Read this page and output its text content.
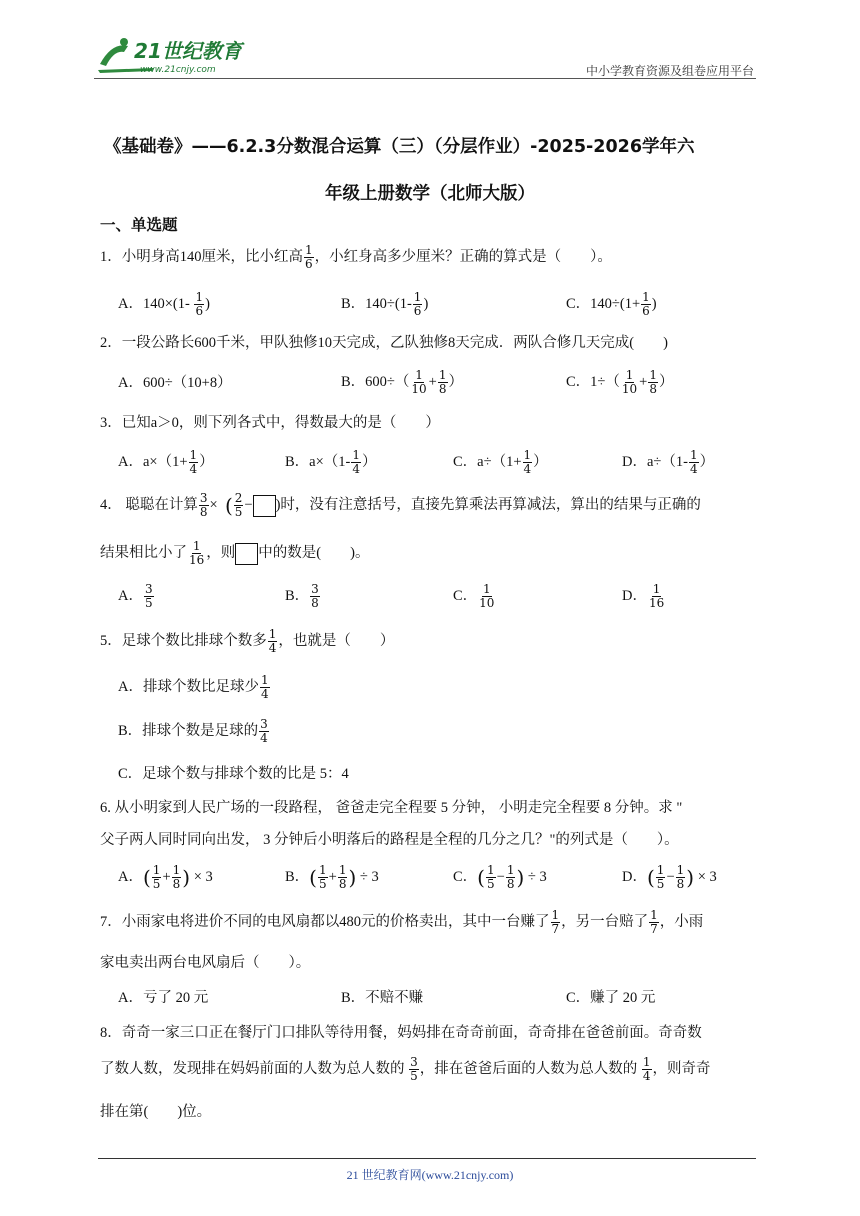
21世纪教育
www.21cnjy.com	中小学教育资源及组卷应用平台
《基础卷》——6.2.3分数混合运算（三）（分层作业）-2025-2026学年六
年级上册数学（北师大版）
一、单选题
1．小明身高140厘米，比小红高 $\frac{1}{6}$ ，小红身高多少厘米？正确的算式是（　　）。
A．$140\times(1- \frac{1}{6}$ )	B．$140\div(1- \frac{1}{6}$ )	C．$140\div(1+ \frac{1}{6}$ )
2．一段公路长600千米，甲队独修10天完成，乙队独修8天完成．两队合修几天完成(　　)
A．600÷（10+8）	B．$600\div( \frac{1}{10} + \frac{1}{8}$ ）	C．$1\div( \frac{1}{10} + \frac{1}{8}$ ）
3．已知a＞0，则下列各式中，得数最大的是（　　）
A．$a\times(1+ \frac{1}{4}$ ）	B．$a\times(1- \frac{1}{4}$ ）	C．$a\div(1+ \frac{1}{4}$ ）	D．$a\div(1- \frac{1}{4}$ ）
4． 聪聪在计算 $\frac{3}{8}$ ×  ( $\frac{2}{5}$ − )时，没有注意括号，直接先算乘法再算减法，算出的结果与正确的
结果相比小了 $\frac{1}{16}$ ，则 中的数是(　　)。
A． $\frac{3}{5}$	B． $\frac{3}{8}$	C． $\frac{1}{10}$	D． $\frac{1}{16}$
5．足球个数比排球个数多 $\frac{1}{4}$ ，也就是（　　）
A．排球个数比足球少 $\frac{1}{4}$
B．排球个数是足球的 $\frac{3}{4}$
C．足球个数与排球个数的比是 5：4
6. 从小明家到人民广场的一段路程， 爸爸走完全程要 5 分钟， 小明走完全程要 8 分钟。求 "
父子两人同时同向出发， 3 分钟后小明落后的路程是全程的几分之几？"的列式是（　　）。
A．( $\frac{1}{5} + \frac{1}{8}$ ) × 3	B．( $\frac{1}{5} + \frac{1}{8}$ ) ÷ 3	C．( $\frac{1}{5} - \frac{1}{8}$ ) ÷ 3	D．( $\frac{1}{5} - \frac{1}{8}$ ) × 3
7．小雨家电将进价不同的电风扇都以480元的价格卖出，其中一台赚了 $\frac{1}{7}$ ，另一台赔了 $\frac{1}{7}$ ，小雨
家电卖出两台电风扇后（　　）。
A．亏了 20 元	B．不赔不赚	C．赚了 20 元
8．奇奇一家三口正在餐厅门口排队等待用餐，妈妈排在奇奇前面，奇奇排在爸爸前面。奇奇数
了数人数，发现排在妈妈前面的人数为总人数的 $\frac{3}{5}$ ，排在爸爸后面的人数为总人数的 $\frac{1}{4}$ ，则奇奇
排在第(　　)位。
21 世纪教育网(www.21cnjy.com)
